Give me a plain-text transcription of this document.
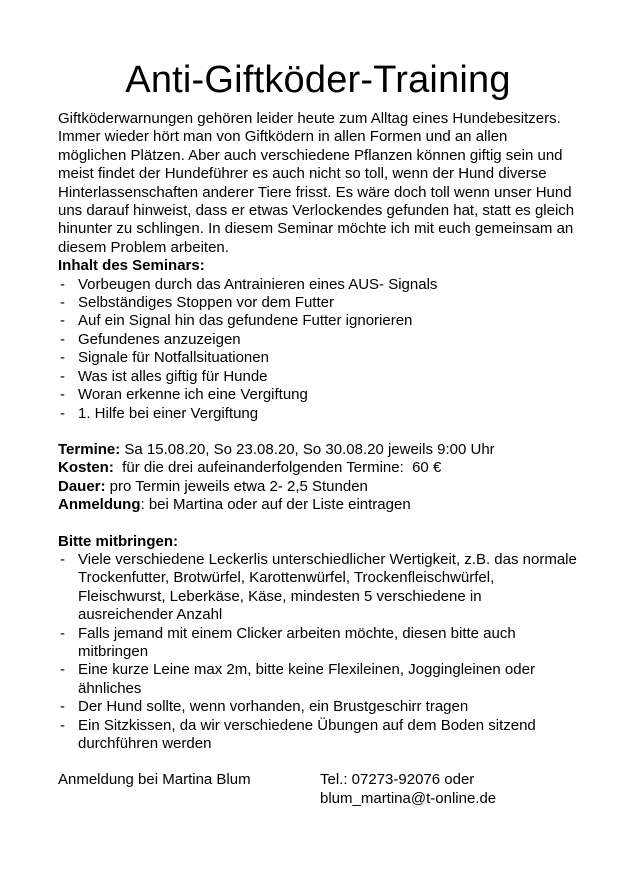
Anti-Giftköder-Training

Giftköderwarnungen gehören leider heute zum Alltag eines Hundebesitzers. Immer wieder hört man von Giftködern in allen Formen und an allen möglichen Plätzen. Aber auch verschiedene Pflanzen können giftig sein und meist findet der Hundeführer es auch nicht so toll, wenn der Hund diverse Hinterlassenschaften anderer Tiere frisst. Es wäre doch toll wenn unser Hund uns darauf hinweist, dass er etwas Verlockendes gefunden hat, statt es gleich hinunter zu schlingen. In diesem Seminar möchte ich mit euch gemeinsam an diesem Problem arbeiten.

Inhalt des Seminars:

- Vorbeugen durch das Antrainieren eines AUS- Signals
- Selbständiges Stoppen vor dem Futter
- Auf ein Signal hin das gefundene Futter ignorieren
- Gefundenes anzuzeigen
- Signale für Notfallsituationen
- Was ist alles giftig für Hunde
- Woran erkenne ich eine Vergiftung
- 1. Hilfe bei einer Vergiftung

Termine: Sa 15.08.20, So 23.08.20, So 30.08.20 jeweils 9:00 Uhr

Kosten:  für die drei aufeinanderfolgenden Termine:  60 €

Dauer: pro Termin jeweils etwa 2- 2,5 Stunden

Anmeldung: bei Martina oder auf der Liste eintragen

Bitte mitbringen:

- Viele verschiedene Leckerlis unterschiedlicher Wertigkeit, z.B. das normale Trockenfutter, Brotwürfel, Karottenwürfel, Trockenfleischwürfel, Fleischwurst, Leberkäse, Käse, mindesten 5 verschiedene in ausreichender Anzahl
- Falls jemand mit einem Clicker arbeiten möchte, diesen bitte auch mitbringen
- Eine kurze Leine max 2m, bitte keine Flexileinen, Joggingleinen oder ähnliches
- Der Hund sollte, wenn vorhanden, ein Brustgeschirr tragen
- Ein Sitzkissen, da wir verschiedene Übungen auf dem Boden sitzend durchführen werden
Anmeldung bei Martina Blum	Tel.: 07273-92076 oder
blum_martina@t-online.de
